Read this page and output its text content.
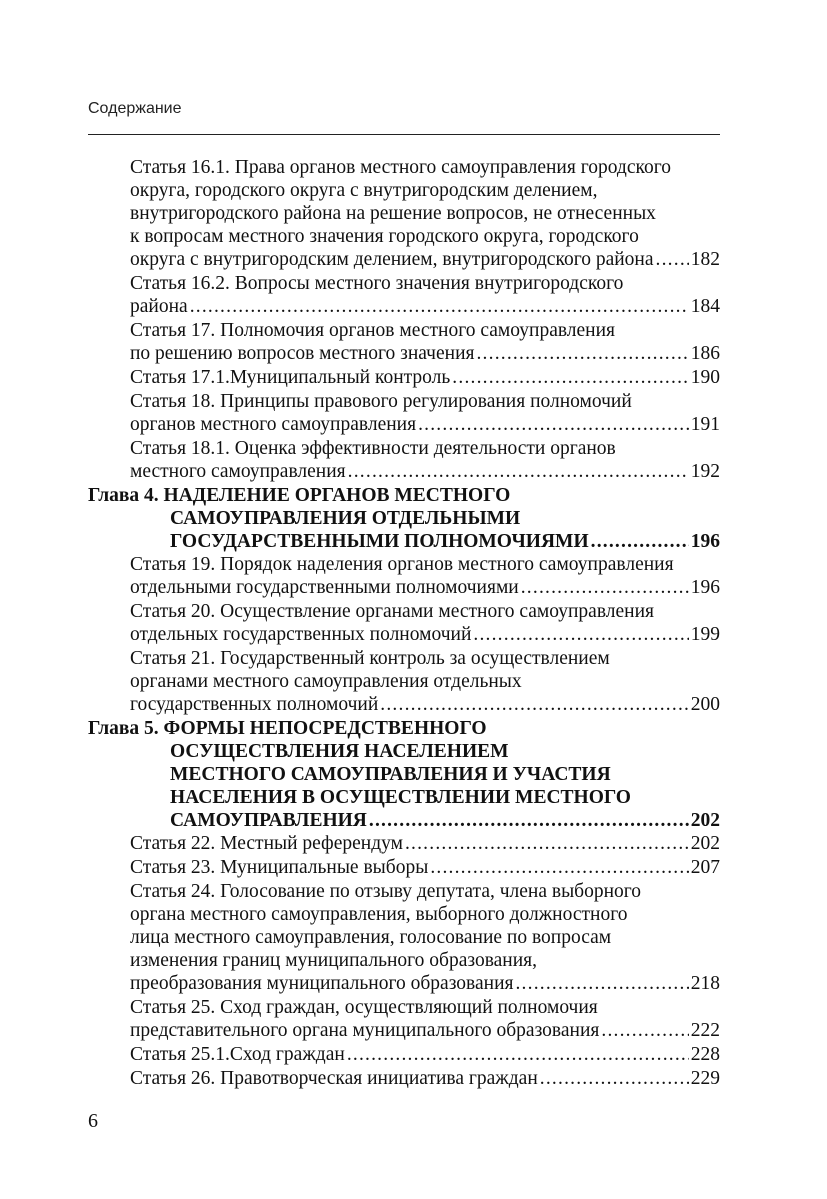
Содержание
Статья 16.1. Права органов местного самоуправления городского
округа, городского округа с внутригородским делением,
внутригородского района на решение вопросов, не отнесенных
к вопросам местного значения городского округа, городского
округа с внутригородским делением, внутригородского района ..... 182
Статья 16.2. Вопросы местного значения внутригородского
района .....	184
Статья 17. Полномочия органов местного самоуправления
по решению вопросов местного значения .....	186
Статья 17.1.Муниципальный контроль .....	190
Статья 18. Принципы правового регулирования полномочий
органов местного самоуправления .....	191
Статья 18.1. Оценка эффективности деятельности органов
местного самоуправления .....	192
Глава 4. НАДЕЛЕНИЕ ОРГАНОВ МЕСТНОГО
САМОУПРАВЛЕНИЯ ОТДЕЛЬНЫМИ
ГОСУДАРСТВЕННЫМИ ПОЛНОМОЧИЯМИ .....	196
Статья 19. Порядок наделения органов местного самоуправления
отдельными государственными полномочиями .....	196
Статья 20. Осуществление органами местного самоуправления
отдельных государственных полномочий .....	199
Статья 21. Государственный контроль за осуществлением
органами местного самоуправления отдельных
государственных полномочий .....	200
Глава 5. ФОРМЫ НЕПОСРЕДСТВЕННОГО
ОСУЩЕСТВЛЕНИЯ НАСЕЛЕНИЕМ
МЕСТНОГО САМОУПРАВЛЕНИЯ И УЧАСТИЯ
НАСЕЛЕНИЯ В ОСУЩЕСТВЛЕНИИ МЕСТНОГО
САМОУПРАВЛЕНИЯ .....	202
Статья 22. Местный референдум .....	202
Статья 23. Муниципальные выборы .....	207
Статья 24. Голосование по отзыву депутата, члена выборного
органа местного самоуправления, выборного должностного
лица местного самоуправления, голосование по вопросам
изменения границ муниципального образования,
преобразования муниципального образования .....	218
Статья 25. Сход граждан, осуществляющий полномочия
представительного органа муниципального образования .....	222
Статья 25.1.Сход граждан .....	228
Статья 26. Правотворческая инициатива граждан .....	229
6
